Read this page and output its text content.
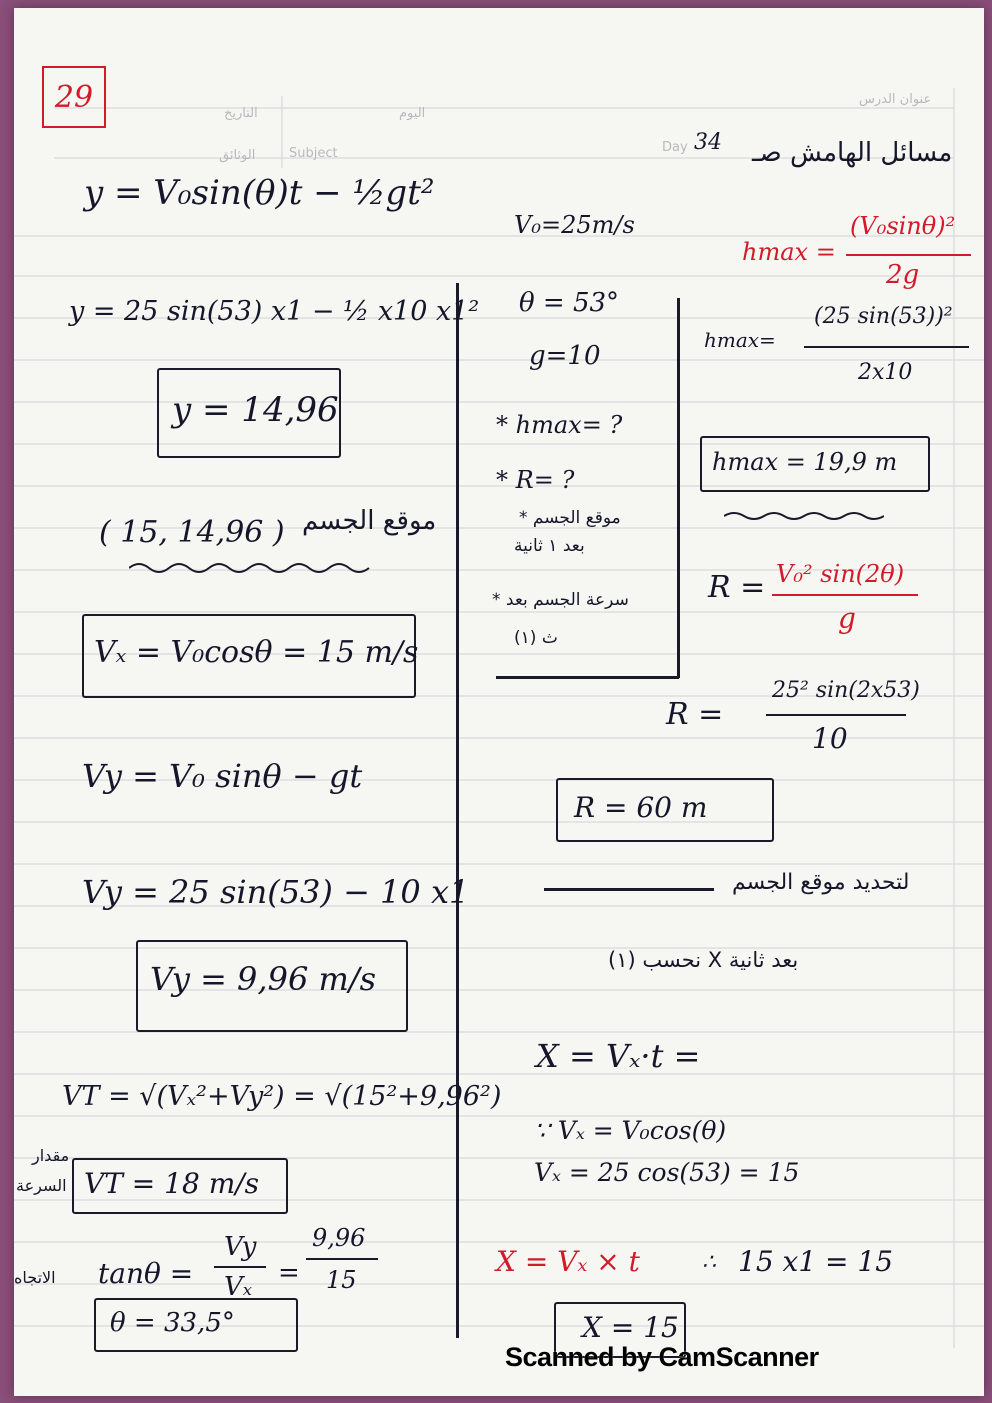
التاريخ	اليوم
عنوان الدرس
الوثائق	Subject	Day
29
34 مسائل الهامش صـ
y = V₀sin(θ)t − ½gt²
y = 25 sin(53) x1 − ½ x10 x1²
y = 14,96
( 15, 14,96 ) موقع الجسم
Vₓ = V₀cosθ = 15 m/s
Vy = V₀ sinθ − gt
Vy = 25 sin(53) − 10 x1
Vy = 9,96 m/s
VT = √(Vₓ²+Vy²) = √(15²+9,96²)
مقدار
السرعة
الاتجاه
VT = 18 m/s
tanθ =
Vy
Vₓ =
9,96
15
θ = 33,5°
V₀=25m/s
θ = 53°
g=10
* hmax= ?
* R= ?
* موقع الجسم
بعد ١ ثانية
* سرعة الجسم بعد
(١) ث
hmax =
(V₀sinθ)²
2g
hmax=
(25 sin(53))²
2x10
hmax = 19,9 m
R = V₀² sin(2θ)
g
R =
25² sin(2x53)
10
R = 60 m
لتحديد موقع الجسم
(١) نحسب X بعد ثانية
X = Vₓ·t =
∵ Vₓ = V₀cos(θ)
Vₓ = 25 cos(53) = 15
X = Vₓ × t	∴ 15 x1 = 15
X = 15
Scanned by CamScanner
